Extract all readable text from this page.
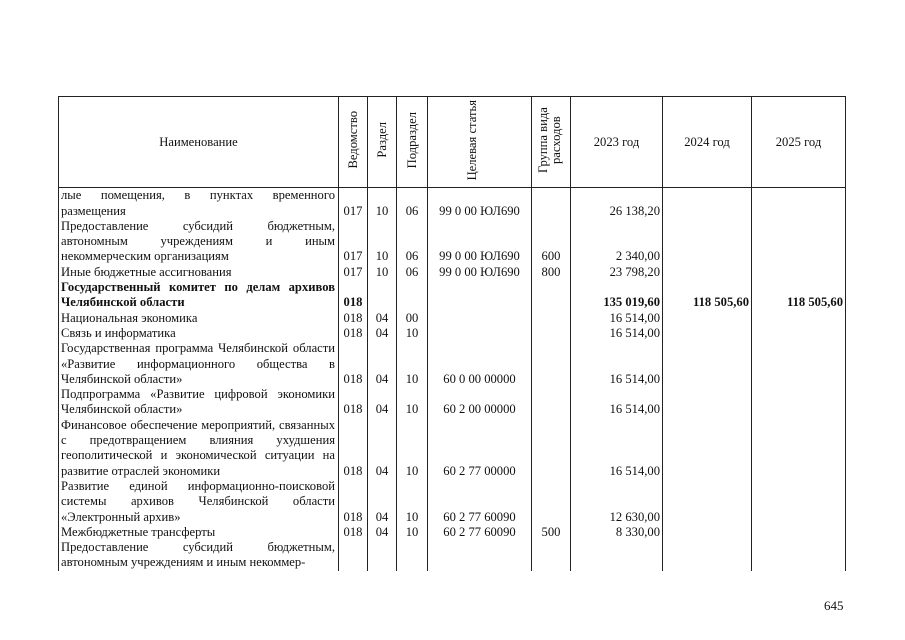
Наименование	Ведомство	Раздел	Подраздел	Целевая статья	Группа вида расходов	2023 год	2024 год	2025 год
лые помещения, в пунктах временного размещения	017	10	06	99 0 00 ЮЛ690		26 138,20		
Предоставление субсидий бюджетным, автономным учреждениям и иным некоммерческим организациям	017	10	06	99 0 00 ЮЛ690	600	2 340,00		
Иные бюджетные ассигнования	017	10	06	99 0 00 ЮЛ690	800	23 798,20		
Государственный комитет по делам архивов Челябинской области	018					135 019,60	118 505,60	118 505,60
Национальная экономика	018	04	00			16 514,00		
Связь и информатика	018	04	10			16 514,00		
Государственная программа Челябинской области «Развитие информационного общества в Челябинской области»	018	04	10	60 0 00 00000		16 514,00		
Подпрограмма «Развитие цифровой экономики Челябинской области»	018	04	10	60 2 00 00000		16 514,00		
Финансовое обеспечение мероприятий, связанных с предотвращением влияния ухудшения геополитической и экономической ситуации на развитие отраслей экономики	018	04	10	60 2 77 00000		16 514,00		
Развитие единой информационно-поисковой системы архивов Челябинской области «Электронный архив»	018	04	10	60 2 77 60090		12 630,00		
Межбюджетные трансферты	018	04	10	60 2 77 60090	500	8 330,00		
Предоставление субсидий бюджетным, автономным учреждениям и иным некоммер-								
645
